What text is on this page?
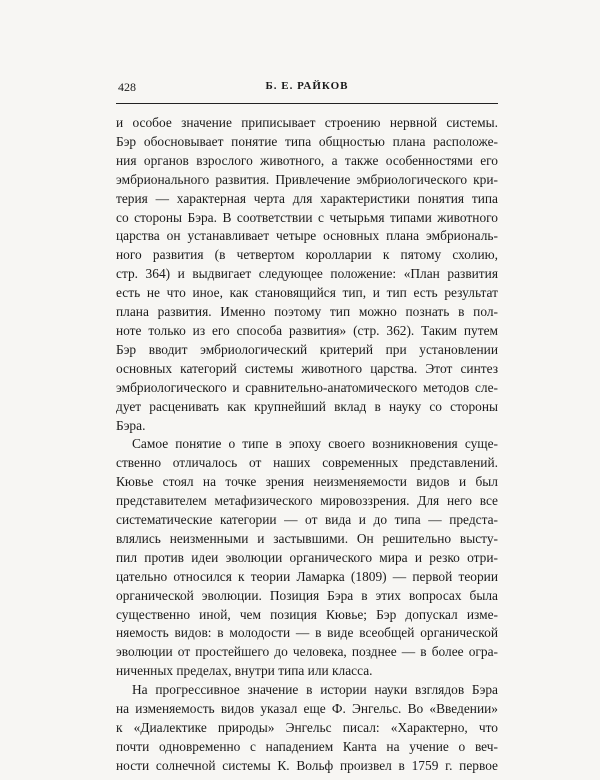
428	Б. Е. РАЙКОВ
и особое значение приписывает строению нервной системы.
Бэр обосновывает понятие типа общностью плана расположе-
ния органов взрослого животного, а также особенностями его
эмбрионального развития. Привлечение эмбриологического кри-
терия — характерная черта для характеристики понятия типа
со стороны Бэра. В соответствии с четырьмя типами животного
царства он устанавливает четыре основных плана эмбриональ-
ного развития (в четвертом королларии к пятому схолию,
стр. 364) и выдвигает следующее положение: «План развития
есть не что иное, как становящийся тип, и тип есть результат
плана развития. Именно поэтому тип можно познать в пол-
ноте только из его способа развития» (стр. 362). Таким путем
Бэр вводит эмбриологический критерий при установлении
основных категорий системы животного царства. Этот синтез
эмбриологического и сравнительно-анатомического методов сле-
дует расценивать как крупнейший вклад в науку со стороны
Бэра.
Самое понятие о типе в эпоху своего возникновения суще-
ственно отличалось от наших современных представлений.
Кювье стоял на точке зрения неизменяемости видов и был
представителем метафизического мировоззрения. Для него все
систематические категории — от вида и до типа — предста-
влялись неизменными и застывшими. Он решительно высту-
пил против идеи эволюции органического мира и резко отри-
цательно относился к теории Ламарка (1809) — первой теории
органической эволюции. Позиция Бэра в этих вопросах была
существенно иной, чем позиция Кювье; Бэр допускал изме-
няемость видов: в молодости — в виде всеобщей органической
эволюции от простейшего до человека, позднее — в более огра-
ниченных пределах, внутри типа или класса.
На прогрессивное значение в истории науки взглядов Бэра
на изменяемость видов указал еще Ф. Энгельс. Во «Введении»
к «Диалектике природы» Энгельс писал: «Характерно, что
почти одновременно с нападением Канта на учение о веч-
ности солнечной системы К. Вольф произвел в 1759 г. первое
